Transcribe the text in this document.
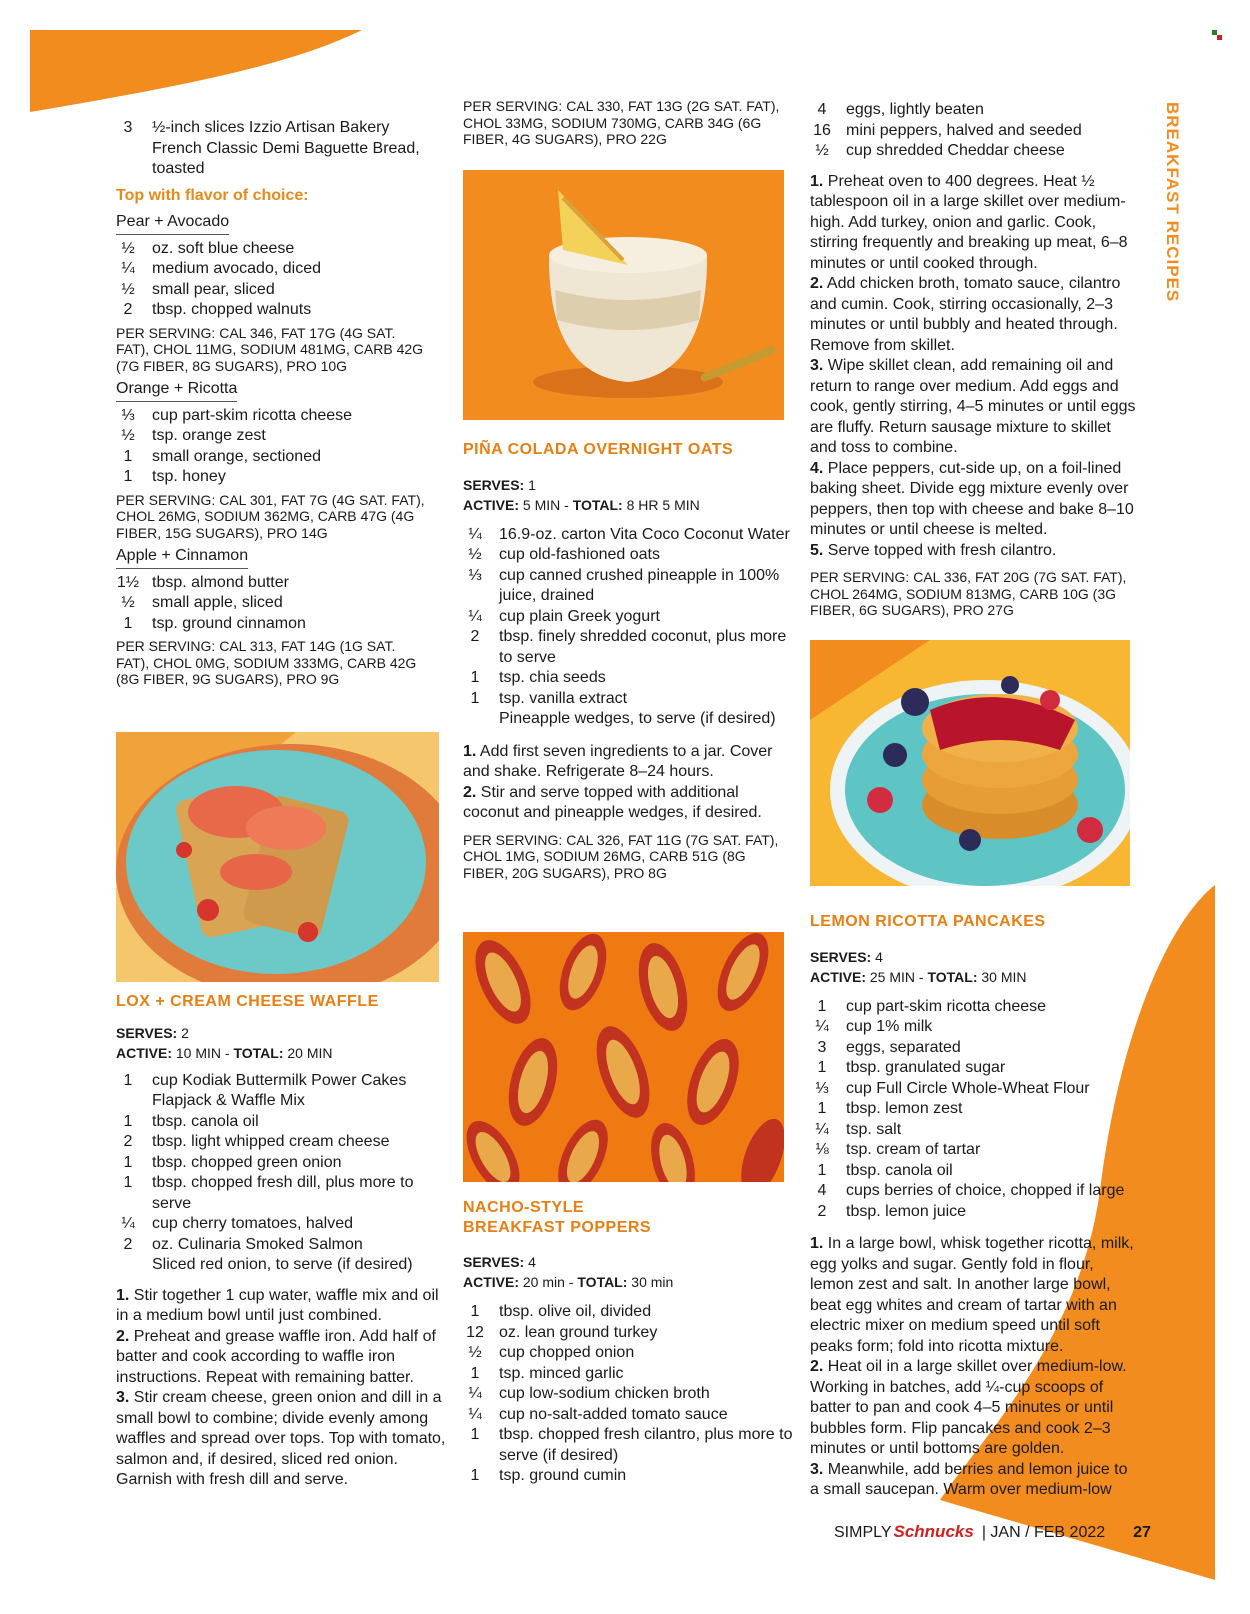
BREAKFAST RECIPES
3	½-inch slices Izzio Artisan Bakery French Classic Demi Baguette Bread, toasted
Top with flavor of choice:
Pear + Avocado
½	oz. soft blue cheese
¼	medium avocado, diced
½	small pear, sliced
2	tbsp. chopped walnuts
PER SERVING: CAL 346, FAT 17G (4G SAT. FAT), CHOL 11MG, SODIUM 481MG, CARB 42G (7G FIBER, 8G SUGARS), PRO 10G
Orange + Ricotta
⅓	cup part-skim ricotta cheese
½	tsp. orange zest
1	small orange, sectioned
1	tsp. honey
PER SERVING: CAL 301, FAT 7G (4G SAT. FAT), CHOL 26MG, SODIUM 362MG, CARB 47G (4G FIBER, 15G SUGARS), PRO 14G
Apple + Cinnamon
1½ tbsp. almond butter
½	small apple, sliced
1	tsp. ground cinnamon
PER SERVING: CAL 313, FAT 14G (1G SAT. FAT), CHOL 0MG, SODIUM 333MG, CARB 42G (8G FIBER, 9G SUGARS), PRO 9G
LOX + CREAM CHEESE WAFFLE
SERVES: 2
ACTIVE: 10 MIN - TOTAL: 20 MIN
1	cup Kodiak Buttermilk Power Cakes Flapjack & Waffle Mix
1	tbsp. canola oil
2	tbsp. light whipped cream cheese
1	tbsp. chopped green onion
1	tbsp. chopped fresh dill, plus more to serve
¼	cup cherry tomatoes, halved
2	oz. Culinaria Smoked Salmon
Sliced red onion, to serve (if desired)

1. Stir together 1 cup water, waffle mix and oil in a medium bowl until just combined.

2. Preheat and grease waffle iron. Add half of batter and cook according to waffle iron instructions. Repeat with remaining batter.

3. Stir cream cheese, green onion and dill in a small bowl to combine; divide evenly among waffles and spread over tops. Top with tomato, salmon and, if desired, sliced red onion. Garnish with fresh dill and serve.

PER SERVING: CAL 330, FAT 13G (2G SAT. FAT), CHOL 33MG, SODIUM 730MG, CARB 34G (6G FIBER, 4G SUGARS), PRO 22G
PIÑA COLADA OVERNIGHT OATS
SERVES: 1
ACTIVE: 5 MIN - TOTAL: 8 HR 5 MIN
¼	16.9-oz. carton Vita Coco Coconut Water
½	cup old-fashioned oats
⅓	cup canned crushed pineapple in 100% juice, drained
¼	cup plain Greek yogurt
2	tbsp. finely shredded coconut, plus more to serve
1	tsp. chia seeds
1	tsp. vanilla extract
Pineapple wedges, to serve (if desired)

1. Add first seven ingredients to a jar. Cover and shake. Refrigerate 8–24 hours.

2. Stir and serve topped with additional coconut and pineapple wedges, if desired.

PER SERVING: CAL 326, FAT 11G (7G SAT. FAT), CHOL 1MG, SODIUM 26MG, CARB 51G (8G FIBER, 20G SUGARS), PRO 8G
NACHO-STYLE
BREAKFAST POPPERS
SERVES: 4
ACTIVE: 20 min - TOTAL: 30 min
1	tbsp. olive oil, divided
12 oz. lean ground turkey
½	cup chopped onion
1	tsp. minced garlic
¼	cup low-sodium chicken broth
¼	cup no-salt-added tomato sauce
1	tbsp. chopped fresh cilantro, plus more to serve (if desired)
1	tsp. ground cumin
4	eggs, lightly beaten
16 mini peppers, halved and seeded
½	cup shredded Cheddar cheese

1. Preheat oven to 400 degrees. Heat ½ tablespoon oil in a large skillet over medium-high. Add turkey, onion and garlic. Cook, stirring frequently and breaking up meat, 6–8 minutes or until cooked through.

2. Add chicken broth, tomato sauce, cilantro and cumin. Cook, stirring occasionally, 2–3 minutes or until bubbly and heated through. Remove from skillet.

3. Wipe skillet clean, add remaining oil and return to range over medium. Add eggs and cook, gently stirring, 4–5 minutes or until eggs are fluffy. Return sausage mixture to skillet and toss to combine.

4. Place peppers, cut-side up, on a foil-lined baking sheet. Divide egg mixture evenly over peppers, then top with cheese and bake 8–10 minutes or until cheese is melted.

5. Serve topped with fresh cilantro.

PER SERVING: CAL 336, FAT 20G (7G SAT. FAT), CHOL 264MG, SODIUM 813MG, CARB 10G (3G FIBER, 6G SUGARS), PRO 27G
LEMON RICOTTA PANCAKES
SERVES: 4
ACTIVE: 25 MIN - TOTAL: 30 MIN
1	cup part-skim ricotta cheese
¼	cup 1% milk
3	eggs, separated
1	tbsp. granulated sugar
⅓	cup Full Circle Whole-Wheat Flour
1	tbsp. lemon zest
¼	tsp. salt
⅛	tsp. cream of tartar
1	tbsp. canola oil
4	cups berries of choice, chopped if large
2	tbsp. lemon juice

1. In a large bowl, whisk together ricotta, milk, egg yolks and sugar. Gently fold in flour, lemon zest and salt. In another large bowl, beat egg whites and cream of tartar with an electric mixer on medium speed until soft peaks form; fold into ricotta mixture.

2. Heat oil in a large skillet over medium-low. Working in batches, add ¼-cup scoops of batter to pan and cook 4–5 minutes or until bubbles form. Flip pancakes and cook 2–3 minutes or until bottoms are golden.

3. Meanwhile, add berries and lemon juice to a small saucepan. Warm over medium-low

SIMPLY Schnucks | JAN / FEB 2022 27
